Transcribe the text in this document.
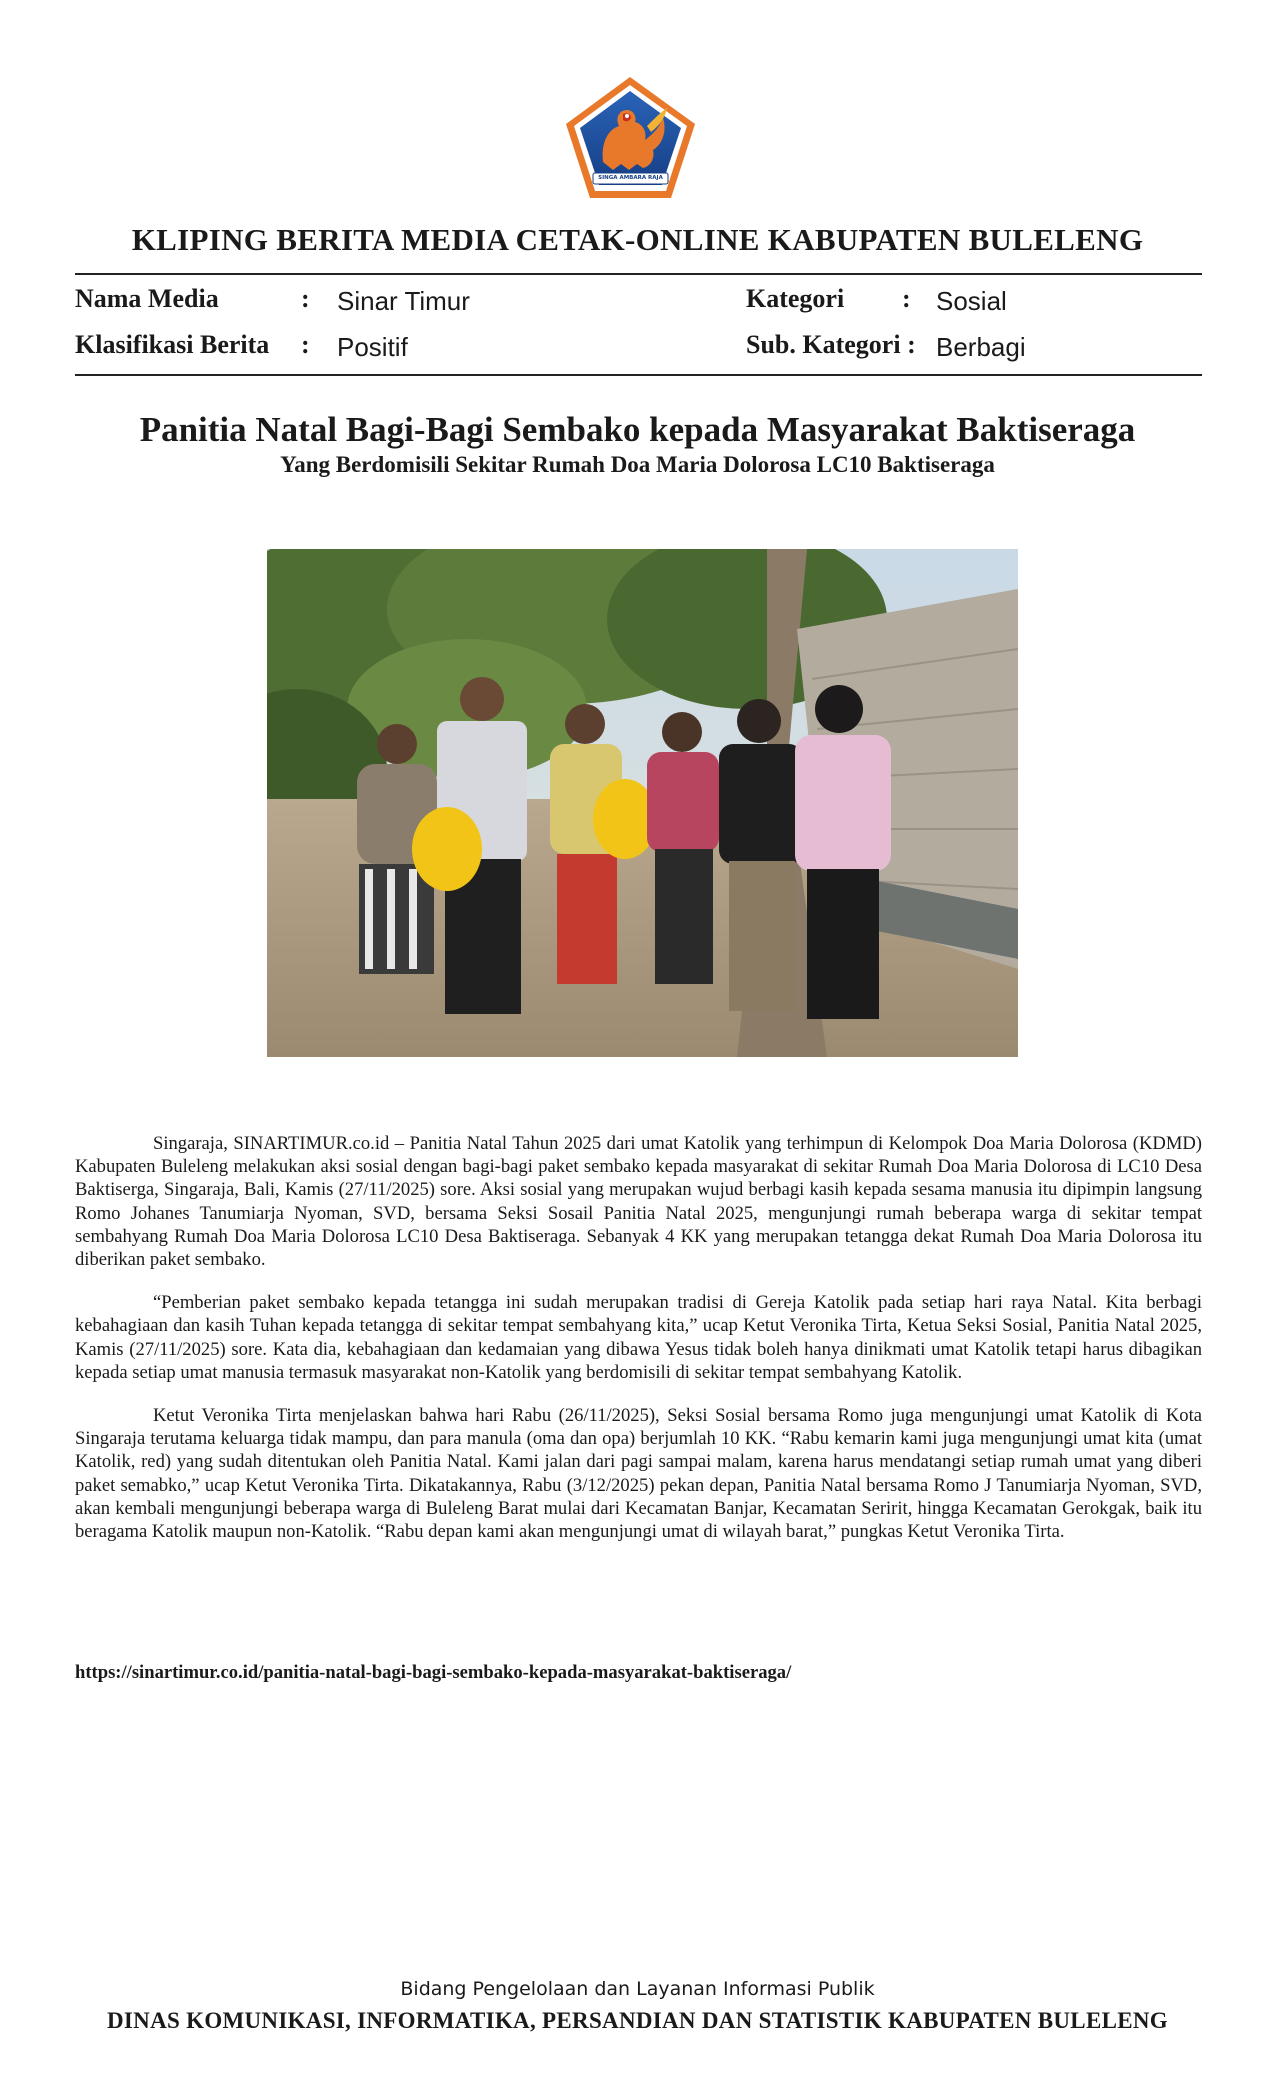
SINGA AMBARA RAJA
KLIPING BERITA MEDIA CETAK-ONLINE KABUPATEN BULELENG
Nama Media	: Sinar Timur	Kategori : Sosial
Klasifikasi Berita : Positif	Sub. Kategori : Berbagi
Panitia Natal Bagi-Bagi Sembako kepada Masyarakat Baktiseraga
Yang Berdomisili Sekitar Rumah Doa Maria Dolorosa LC10 Baktiseraga

Singaraja, SINARTIMUR.co.id – Panitia Natal Tahun 2025 dari umat Katolik yang terhimpun di Kelompok Doa Maria Dolorosa (KDMD) Kabupaten Buleleng melakukan aksi sosial dengan bagi-bagi paket sembako kepada masyarakat di sekitar Rumah Doa Maria Dolorosa di LC10 Desa Baktiserga, Singaraja, Bali, Kamis (27/11/2025) sore. Aksi sosial yang merupakan wujud berbagi kasih kepada sesama manusia itu dipimpin langsung Romo Johanes Tanumiarja Nyoman, SVD, bersama Seksi Sosail Panitia Natal 2025, mengunjungi rumah beberapa warga di sekitar tempat sembahyang Rumah Doa Maria Dolorosa LC10 Desa Baktiseraga. Sebanyak 4 KK yang merupakan tetangga dekat Rumah Doa Maria Dolorosa itu diberikan paket sembako.

“Pemberian paket sembako kepada tetangga ini sudah merupakan tradisi di Gereja Katolik pada setiap hari raya Natal. Kita berbagi kebahagiaan dan kasih Tuhan kepada tetangga di sekitar tempat sembahyang kita,” ucap Ketut Veronika Tirta, Ketua Seksi Sosial, Panitia Natal 2025, Kamis (27/11/2025) sore. Kata dia, kebahagiaan dan kedamaian yang dibawa Yesus tidak boleh hanya dinikmati umat Katolik tetapi harus dibagikan kepada setiap umat manusia termasuk masyarakat non-Katolik yang berdomisili di sekitar tempat sembahyang Katolik.

Ketut Veronika Tirta menjelaskan bahwa hari Rabu (26/11/2025), Seksi Sosial bersama Romo juga mengunjungi umat Katolik di Kota Singaraja terutama keluarga tidak mampu, dan para manula (oma dan opa) berjumlah 10 KK. “Rabu kemarin kami juga mengunjungi umat kita (umat Katolik, red) yang sudah ditentukan oleh Panitia Natal. Kami jalan dari pagi sampai malam, karena harus mendatangi setiap rumah umat yang diberi paket semabko,” ucap Ketut Veronika Tirta. Dikatakannya, Rabu (3/12/2025) pekan depan, Panitia Natal bersama Romo J Tanumiarja Nyoman, SVD, akan kembali mengunjungi beberapa warga di Buleleng Barat mulai dari Kecamatan Banjar, Kecamatan Seririt, hingga Kecamatan Gerokgak, baik itu beragama Katolik maupun non-Katolik. “Rabu depan kami akan mengunjungi umat di wilayah barat,” pungkas Ketut Veronika Tirta.

https://sinartimur.co.id/panitia-natal-bagi-bagi-sembako-kepada-masyarakat-baktiseraga/
Bidang Pengelolaan dan Layanan Informasi Publik
DINAS KOMUNIKASI, INFORMATIKA, PERSANDIAN DAN STATISTIK KABUPATEN BULELENG
